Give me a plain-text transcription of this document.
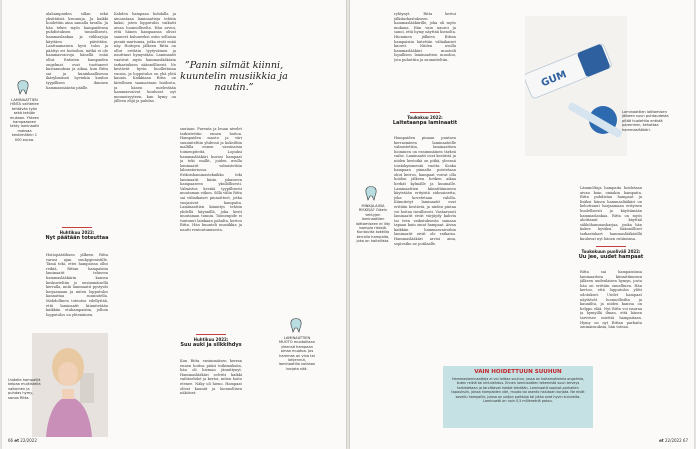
LAMINAATTIEN HINTA vaihtelee tehtävän työn sekä tekijän mukaan. Yhteen hampaaseen tehty laminaatti maksaa keskimäärin 1 000 euroa.

alahampaiden sillan sekä yksittäisiä kruunuja. Ja kaikki hoidettiin aina samalla tavalla. Ja hän tekee myös hampaidensa puhdistuksen tunnollisesti, hammaslankaa ja väliharjoja käyttäen päivittäin. Lanttaamaisen hyvä tulos ja päättyi eri hoitoihin, mitkä ei ole hammasvaivoja hänellä enää ollut. Entisten hampaiden ongelmat ovat tuottaneet kustannuksia ja aikaa, kun Ritta sai ja kuninkaallisessa ikäryhmässä hyvinkin kuuluu tyypillisen ihmisen hammasmäärän päälle.

Huhtikuu 2022:
Nyt päätään toteuttaa

Hoitopäätöksen jälkeen Ritta varasi ajan suuhygienistille. Tämä teki, ettei hampaissa ollut reikiä. Rittan hampaisiin laminaatit tehneen hammaslääkärin kanssa keskusteltiin jo ensimmäisellä kerralla, mitä laminaatit pystyvät korjaamaan ja miten lopputulos kannattaa suunnitella. Mahdollinen toteutus edellyttää, että laminaatit kiinnitetään kaikkiin etuhampaisiin, jolloin lopputulos on yhtenäinen.

Uudella hampaillä kelpaa muikistella valkoinen ja puhdas hymy, sanoo Ritta.

Kahden hampaan kohdalla ja ainoastaan laminaatteja tehtiin kaksi, joten lopputulos vaikutti aivan luonnolliselta. Hän arvioi, että hänen hampaansa olivat saaneet kuluneeksi esiin sellaisia pieniä murtumia, jotka eivät enää näy. Hoitojen jälkeen Ritta on ollut erittäin tyytyväinen ja nauttinut hymystään. Laminaatit vaativat myös hammaslääkärin tarkastuksen säännöllisesti. Ne kestävät hyvin huollettuina vuosia, ja lopputulos on yhä yhtä kaunis. Kaikkiaan Ritta on kiitollinen saamastaan hoidosta, ja hänen mielestään hammasvaivat kuuluvat nyt menneisyyteen, kun hymy on jälleen ehjä ja puhdas.

”Panin silmät kiinni, kuuntelin musiikkia ja nautin.”

suutaan. Purenta ja leuan nivelet tarkistettiin ennen hoitoa. Hampaiden muoto ja väri suunniteltiin yhdessä ja kokeiltiin mallilla ennen varsinaisia toimenpiteitä. Lopuksi hammaslääkäri kuvasi hampaat ja teki mallit, joiden avulla laminaatit valmistettiin laboratoriossa. Erikoishammasteknikko teki laminaatit käsin jokaiseen hampaaseen yksilöllisesti. Valmistus kestää tyypillisesti muutaman viikon. Sillä välin Ritta sai väliaikaiset pinnoitteet, jotka suojasivat hampaita. Laminaattien kiinnitys tehtiin yhdellä käynnillä, joka kesti muutaman tunnin. Toimenpide ei tuntunut lainkaan pahalta, kertoo Ritta. Hän kuunteli musiikkia ja nautti rentoutumisesta.

Huhtikuu 2022:
Suu auki ja silkkihdys

Kun Ritta ensimmäisen kerran ennen hoitoa pääsi tutkimuksiin, hän oli hieman jännittynyt. Hammaslääkäri selvitti kaikki vaihtoehdot ja kertoi, miten hoito etenee. Näky oli hieno. Hampaat olivat kauniit ja luonnollisen näköiset.

LAMINAATTIEN MUOTO muotoillaan yleensä hampaan omaa muotoa. Jos hammas on vino tai lohjennut, laminaatilla voidaan korjata sitä.
66 et 22/2022

ryhtynyt. Ritta kertoi jälkitarkastukseen hammaslääkärille, joka oli myös mukana. Hän vain nauroi ja sanoi, että hymy näyttää hienolta. Hiominen jälkeen Rittan hampaisiin laitettiin väliaikaiset kuoret. Niiden avulla hammaslääkäri muotoili lopullisen laminaattien muodon, jota puhuttiin ja suunniteltiin.

Toukokuu 2022:
Laitetaanpa laminaatit

Hampaiden pinnan puutava kerrasmieen laminaateille valmistettiin, laminaattien hiominen on ensimmäinen tärkeä vaihe. Laminaatit ovat kestäviä ja niiden kestoikä on pitkä, yleensä toistakymmentä vuotta. Koska hampaan pinnalta poistetaan ohut kerros, hampaat voivat olla hoidon jälkeen hetken aikaa herkät kylmälle ja kuumalle. Laminaattien kiinnittämiseen käytetään erityistä sidosainetta, joka kovetetaan valolla. Kiinnitetyt laminaatit ovat erittäin kestäviä, ja niiden pintaa voi hoitaa tavallisesti. Vastaavasti laminaatit eivät värjäydy kahvin tai teen vaikutuksesta samaan tapaan kuin omat hampaat. Aivan kaikkiin hammasvaivoihin laminaatit eivät ole ratkaisu. Hammaslääkäri arvioi aina, sopivatko ne potilaalle.

MINKÄLAISIA RISKEJÄ? Oikein tehtyjen laminaattien laittamiseen ei liity isompia riskejä. Kuntoutta kokeilla kerralla hampaita, joka on haitallista.
GUM
Laminaattien laittamisen jälkeen suun puhtaudesta pitää huolehtia entistä paremmin, kehottaa hammaslääkäri.

Lämmöltuja hampaita hoidetaan aivan kuin omiakin hampaita. Ritta puhdistaa hampaat ja lisäksi hänen hammaslääkäri on kehottanut harjaamaan erityisen huolellisesti ja käyttämään hammaslankaa. Ritta on myös aloittanut käyttää sähköhammasharjaa, jonka hän kokee hyväksi. Säännölliset tarkastukset hammaslääkärillä kuuluvat nyt hänen rutiiniinsa.

Toukokuun puoliväli 2022:
Uu jee, uudet hampaat

Ritta sai hampaisiinsa laminaattien kiinnittämisen jälkeen uudenlaisen hymyn, josta hän on erittäin onnellinen. Hän kertoo, että lopputulos ylitti odotukset. Uudet hampaat näyttävät luonnollisilta ja kauniilta, ja niiden kanssa on helppo elää. Nyt Ritta voi nauraa ja hymyillä ilman, että hänen tarvitsee miettiä hampaitaan. Hymy on nyt Rittan parhaita ominaisuuksia, hän toteaa.

et 22/2022 67
VAIN HOIDETTUUN SUUHUN
Hammaslaminaatteja ei voi laittaa suuhun, jossa on hoitamattomia ongelmia, kuten reikiä tai ientulehdus. Ennen laminaattien tekemistä suun terveys tarkistetaan ja tarvittavat hoidot tehdään. Laminaatit sopivat parhaiten tapauksiin, joissa hampaiden väri, muoto tai asento halutaan korjata. Ne eivät sovellu hampaille, joissa on paljon paikkoja tai jotka ovat hyvin kuluneita. Laminaatti on noin 0,5 millimetriä paksu.
